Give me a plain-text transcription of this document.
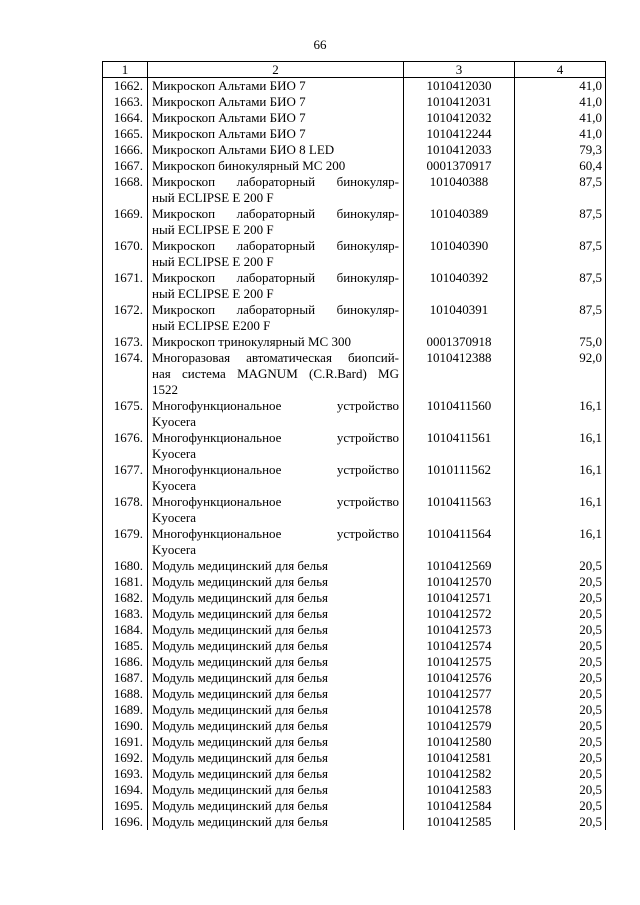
66
1	2	3	4
1662.	Микроскоп Альтами БИО 7	1010412030	41,0
1663.	Микроскоп Альтами БИО 7	1010412031	41,0
1664.	Микроскоп Альтами БИО 7	1010412032	41,0
1665.	Микроскоп Альтами БИО 7	1010412244	41,0
1666.	Микроскоп Альтами БИО 8 LED	1010412033	79,3
1667.	Микроскоп бинокулярный МС 200	0001370917	60,4
1668.	Микроскоп лабораторный бинокуляр-
ный ECLIPSE E 200 F	101040388	87,5
1669.	Микроскоп лабораторный бинокуляр-
ный ECLIPSE E 200 F	101040389	87,5
1670.	Микроскоп лабораторный бинокуляр-
ный ECLIPSE E 200 F	101040390	87,5
1671.	Микроскоп лабораторный бинокуляр-
ный ECLIPSE E 200 F	101040392	87,5
1672.	Микроскоп лабораторный бинокуляр-
ный ECLIPSE E200 F	101040391	87,5
1673.	Микроскоп тринокулярный МС 300	0001370918	75,0
1674.	Многоразовая автоматическая биопсий-
ная система MAGNUM (C.R.Bard) MG
1522	1010412388	92,0
1675.	Многофункциональное устройство
Kyocera	1010411560	16,1
1676.	Многофункциональное устройство
Kyocera	1010411561	16,1
1677.	Многофункциональное устройство
Kyocera	1010111562	16,1
1678.	Многофункциональное устройство
Kyocera	1010411563	16,1
1679.	Многофункциональное устройство
Kyocera	1010411564	16,1
1680.	Модуль медицинский для белья	1010412569	20,5
1681.	Модуль медицинский для белья	1010412570	20,5
1682.	Модуль медицинский для белья	1010412571	20,5
1683.	Модуль медицинский для белья	1010412572	20,5
1684.	Модуль медицинский для белья	1010412573	20,5
1685.	Модуль медицинский для белья	1010412574	20,5
1686.	Модуль медицинский для белья	1010412575	20,5
1687.	Модуль медицинский для белья	1010412576	20,5
1688.	Модуль медицинский для белья	1010412577	20,5
1689.	Модуль медицинский для белья	1010412578	20,5
1690.	Модуль медицинский для белья	1010412579	20,5
1691.	Модуль медицинский для белья	1010412580	20,5
1692.	Модуль медицинский для белья	1010412581	20,5
1693.	Модуль медицинский для белья	1010412582	20,5
1694.	Модуль медицинский для белья	1010412583	20,5
1695.	Модуль медицинский для белья	1010412584	20,5
1696.	Модуль медицинский для белья	1010412585	20,5
